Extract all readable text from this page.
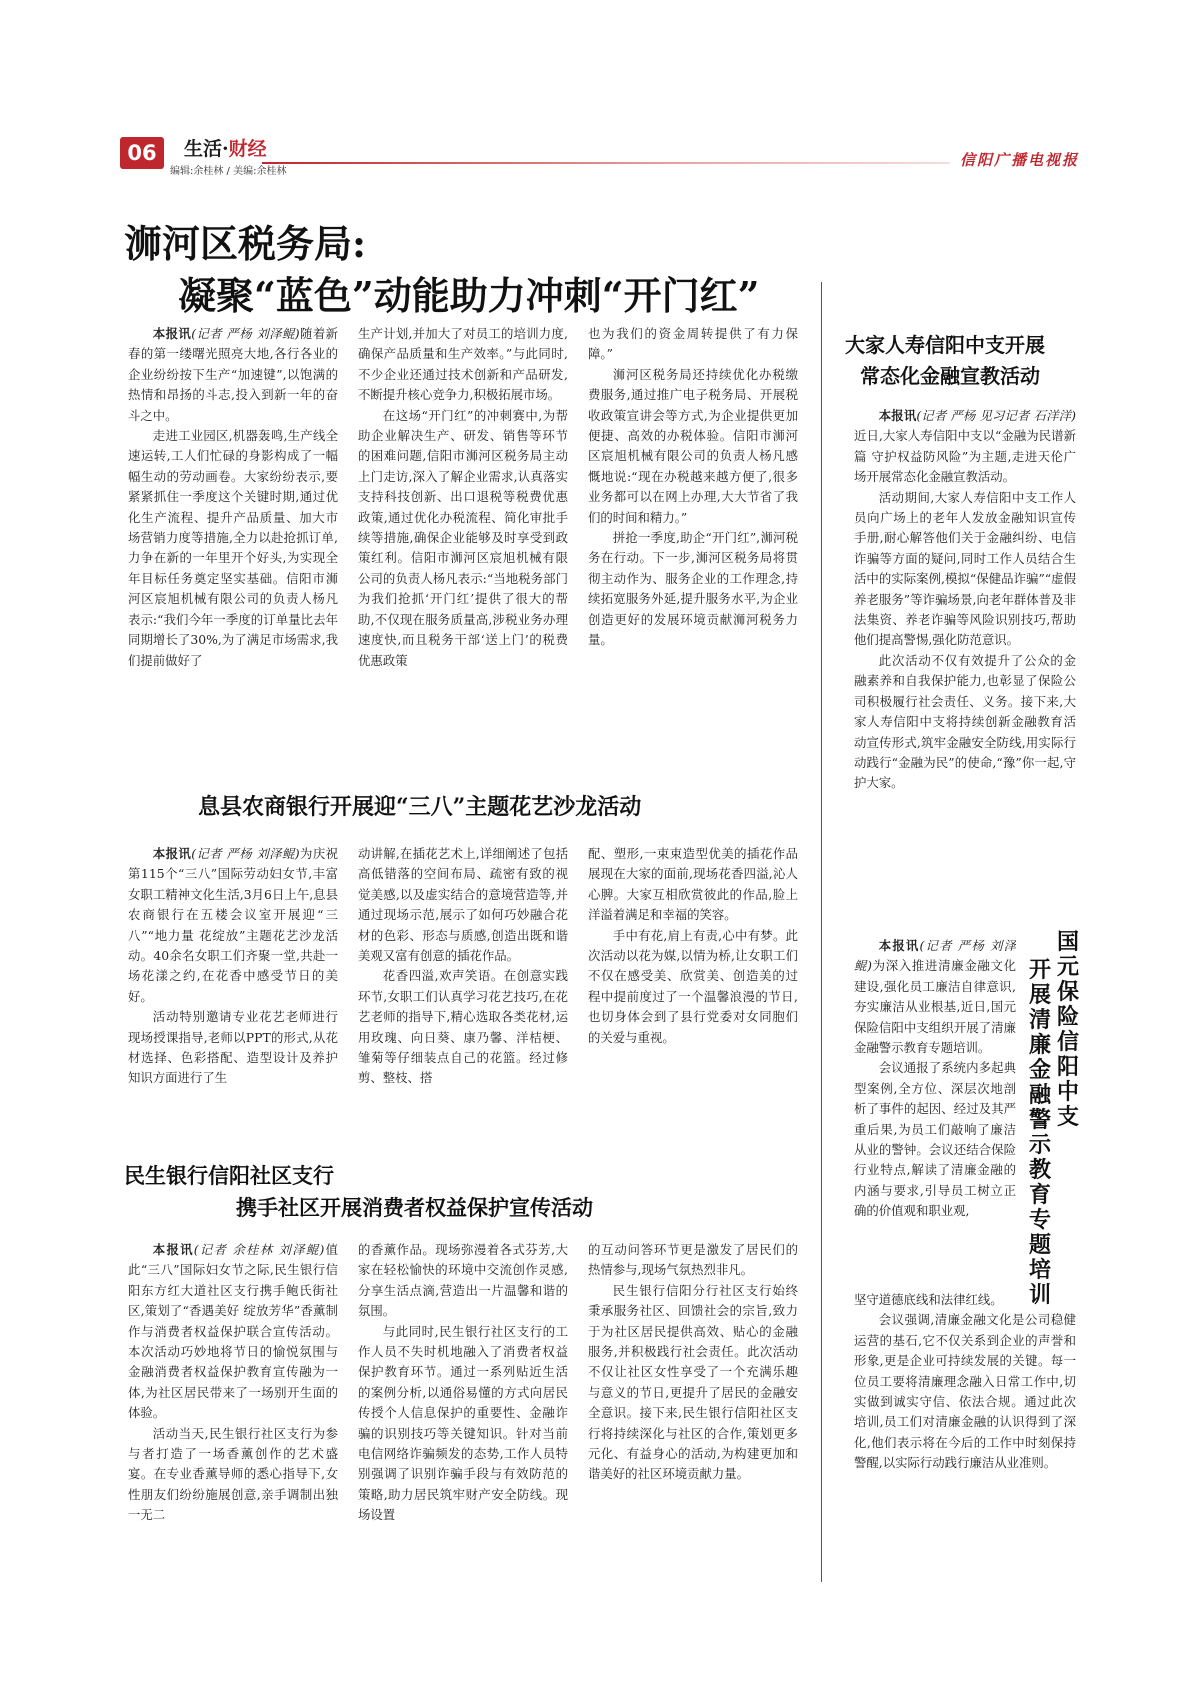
06 生活·财经
编辑:余桂林 / 美编:余桂林
信阳广播电视报
浉河区税务局:
凝聚“蓝色”动能助力冲刺“开门红”

本报讯(记者 严杨 刘泽鲲)随着新春的第一缕曙光照亮大地,各行各业的企业纷纷按下生产“加速键”,以饱满的热情和昂扬的斗志,投入到新一年的奋斗之中。

走进工业园区,机器轰鸣,生产线全速运转,工人们忙碌的身影构成了一幅幅生动的劳动画卷。大家纷纷表示,要紧紧抓住一季度这个关键时期,通过优化生产流程、提升产品质量、加大市场营销力度等措施,全力以赴抢抓订单,力争在新的一年里开个好头,为实现全年目标任务奠定坚实基础。信阳市浉河区宸旭机械有限公司的负责人杨凡表示:“我们今年一季度的订单量比去年同期增长了30%,为了满足市场需求,我们提前做好了

生产计划,并加大了对员工的培训力度,确保产品质量和生产效率。”与此同时,不少企业还通过技术创新和产品研发,不断提升核心竞争力,积极拓展市场。

在这场“开门红”的冲刺赛中,为帮助企业解决生产、研发、销售等环节的困难问题,信阳市浉河区税务局主动上门走访,深入了解企业需求,认真落实支持科技创新、出口退税等税费优惠政策,通过优化办税流程、简化审批手续等措施,确保企业能够及时享受到政策红利。信阳市浉河区宸旭机械有限公司的负责人杨凡表示:“当地税务部门为我们抢抓‘开门红’提供了很大的帮助,不仅现在服务质量高,涉税业务办理速度快,而且税务干部‘送上门’的税费优惠政策

也为我们的资金周转提供了有力保障。”

浉河区税务局还持续优化办税缴费服务,通过推广电子税务局、开展税收政策宣讲会等方式,为企业提供更加便捷、高效的办税体验。信阳市浉河区宸旭机械有限公司的负责人杨凡感慨地说:“现在办税越来越方便了,很多业务都可以在网上办理,大大节省了我们的时间和精力。”

拼抢一季度,助企“开门红”,浉河税务在行动。下一步,浉河区税务局将贯彻主动作为、服务企业的工作理念,持续拓宽服务外延,提升服务水平,为企业创造更好的发展环境贡献浉河税务力量。

息县农商银行开展迎“三八”主题花艺沙龙活动

本报讯(记者 严杨 刘泽鲲)为庆祝第115个“三八”国际劳动妇女节,丰富女职工精神文化生活,3月6日上午,息县农商银行在五楼会议室开展迎“三八”“地力量 花绽放”主题花艺沙龙活动。40余名女职工们齐聚一堂,共赴一场花漾之约,在花香中感受节日的美好。

活动特别邀请专业花艺老师进行现场授课指导,老师以PPT的形式,从花材选择、色彩搭配、造型设计及养护知识方面进行了生

动讲解,在插花艺术上,详细阐述了包括高低错落的空间布局、疏密有致的视觉美感,以及虚实结合的意境营造等,并通过现场示范,展示了如何巧妙融合花材的色彩、形态与质感,创造出既和谐美观又富有创意的插花作品。

花香四溢,欢声笑语。在创意实践环节,女职工们认真学习花艺技巧,在花艺老师的指导下,精心选取各类花材,运用玫瑰、向日葵、康乃馨、洋桔梗、雏菊等仔细装点自己的花篮。经过修剪、整枝、搭

配、塑形,一束束造型优美的插花作品展现在大家的面前,现场花香四溢,沁人心脾。大家互相欣赏彼此的作品,脸上洋溢着满足和幸福的笑容。

手中有花,肩上有责,心中有梦。此次活动以花为媒,以情为桥,让女职工们不仅在感受美、欣赏美、创造美的过程中提前度过了一个温馨浪漫的节日,也切身体会到了县行党委对女同胞们的关爱与重视。

民生银行信阳社区支行
携手社区开展消费者权益保护宣传活动

本报讯(记者 余桂林 刘泽鲲)值此“三八”国际妇女节之际,民生银行信阳东方红大道社区支行携手鲍氏街社区,策划了“香遇美好 绽放芳华”香薰制作与消费者权益保护联合宣传活动。本次活动巧妙地将节日的愉悦氛围与金融消费者权益保护教育宣传融为一体,为社区居民带来了一场别开生面的体验。

活动当天,民生银行社区支行为参与者打造了一场香薰创作的艺术盛宴。在专业香薰导师的悉心指导下,女性朋友们纷纷施展创意,亲手调制出独一无二

的香薰作品。现场弥漫着各式芬芳,大家在轻松愉快的环境中交流创作灵感,分享生活点滴,营造出一片温馨和谐的氛围。

与此同时,民生银行社区支行的工作人员不失时机地融入了消费者权益保护教育环节。通过一系列贴近生活的案例分析,以通俗易懂的方式向居民传授个人信息保护的重要性、金融诈骗的识别技巧等关键知识。针对当前电信网络诈骗频发的态势,工作人员特别强调了识别诈骗手段与有效防范的策略,助力居民筑牢财产安全防线。现场设置

的互动问答环节更是激发了居民们的热情参与,现场气氛热烈非凡。

民生银行信阳分行社区支行始终秉承服务社区、回馈社会的宗旨,致力于为社区居民提供高效、贴心的金融服务,并积极践行社会责任。此次活动不仅让社区女性享受了一个充满乐趣与意义的节日,更提升了居民的金融安全意识。接下来,民生银行信阳社区支行将持续深化与社区的合作,策划更多元化、有益身心的活动,为构建更加和谐美好的社区环境贡献力量。

大家人寿信阳中支开展
常态化金融宣教活动

本报讯(记者 严杨 见习记者 石洋洋)近日,大家人寿信阳中支以“金融为民谱新篇 守护权益防风险”为主题,走进天伦广场开展常态化金融宣教活动。

活动期间,大家人寿信阳中支工作人员向广场上的老年人发放金融知识宣传手册,耐心解答他们关于金融纠纷、电信诈骗等方面的疑问,同时工作人员结合生活中的实际案例,模拟“保健品诈骗”“虚假养老服务”等诈骗场景,向老年群体普及非法集资、养老诈骗等风险识别技巧,帮助他们提高警惕,强化防范意识。

此次活动不仅有效提升了公众的金融素养和自我保护能力,也彰显了保险公司积极履行社会责任、义务。接下来,大家人寿信阳中支将持续创新金融教育活动宣传形式,筑牢金融安全防线,用实际行动践行“金融为民”的使命,“豫”你一起,守护大家。

国元保险信阳中支
开展清廉金融警示教育专题培训

本报讯(记者 严杨 刘泽鲲)为深入推进清廉金融文化建设,强化员工廉洁自律意识,夯实廉洁从业根基,近日,国元保险信阳中支组织开展了清廉金融警示教育专题培训。

会议通报了系统内多起典型案例,全方位、深层次地剖析了事件的起因、经过及其严重后果,为员工们敲响了廉洁从业的警钟。会议还结合保险行业特点,解读了清廉金融的内涵与要求,引导员工树立正确的价值观和职业观,

坚守道德底线和法律红线。

会议强调,清廉金融文化是公司稳健运营的基石,它不仅关系到企业的声誉和形象,更是企业可持续发展的关键。每一位员工要将清廉理念融入日常工作中,切实做到诚实守信、依法合规。通过此次培训,员工们对清廉金融的认识得到了深化,他们表示将在今后的工作中时刻保持警醒,以实际行动践行廉洁从业准则。
